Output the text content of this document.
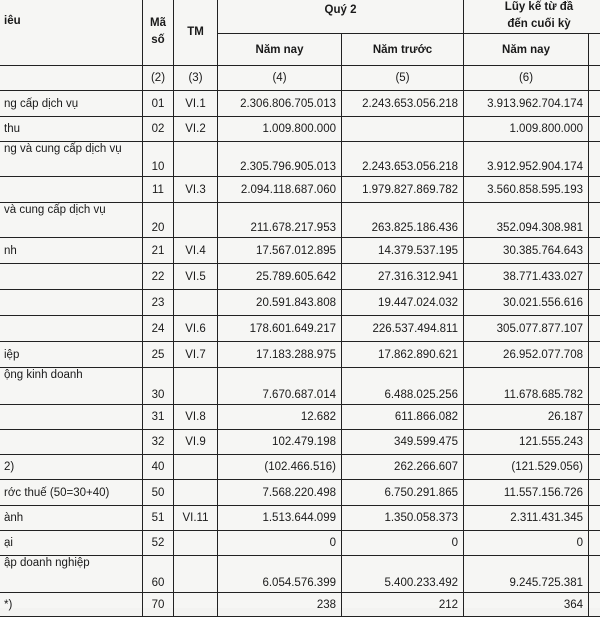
iêu	Mã
số	TM	Quý 2		Lũy kế từ đầ
đến cuối kỳ	
			Năm nay	Năm trước	Năm nay	
	(2)	(3)	(4)	(5)	(6)	
ng cấp dịch vụ	01	VI.1	2.306.806.705.013	2.243.653.056.218	3.913.962.704.174	
thu	02	VI.2	1.009.800.000		1.009.800.000	
ng và cung cấp dịch vụ	10		2.305.796.905.013	2.243.653.056.218	3.912.952.904.174	
	11	VI.3	2.094.118.687.060	1.979.827.869.782	3.560.858.595.193	
và cung cấp dịch vụ	20		211.678.217.953	263.825.186.436	352.094.308.981	
nh	21	VI.4	17.567.012.895	14.379.537.195	30.385.764.643	
	22	VI.5	25.789.605.642	27.316.312.941	38.771.433.027	
	23		20.591.843.808	19.447.024.032	30.021.556.616	
	24	VI.6	178.601.649.217	226.537.494.811	305.077.877.107	
iệp	25	VI.7	17.183.288.975	17.862.890.621	26.952.077.708	
ộng kinh doanh	30		7.670.687.014	6.488.025.256	11.678.685.782	
	31	VI.8	12.682	611.866.082	26.187	
	32	VI.9	102.479.198	349.599.475	121.555.243	
2)	40		(102.466.516)	262.266.607	(121.529.056)	
rớc thuế (50=30+40)	50		7.568.220.498	6.750.291.865	11.557.156.726	
ành	51	VI.11	1.513.644.099	1.350.058.373	2.311.431.345	
ại	52		0	0	0	
ập doanh nghiệp	60		6.054.576.399	5.400.233.492	9.245.725.381	
*)	70		238	212	364	
